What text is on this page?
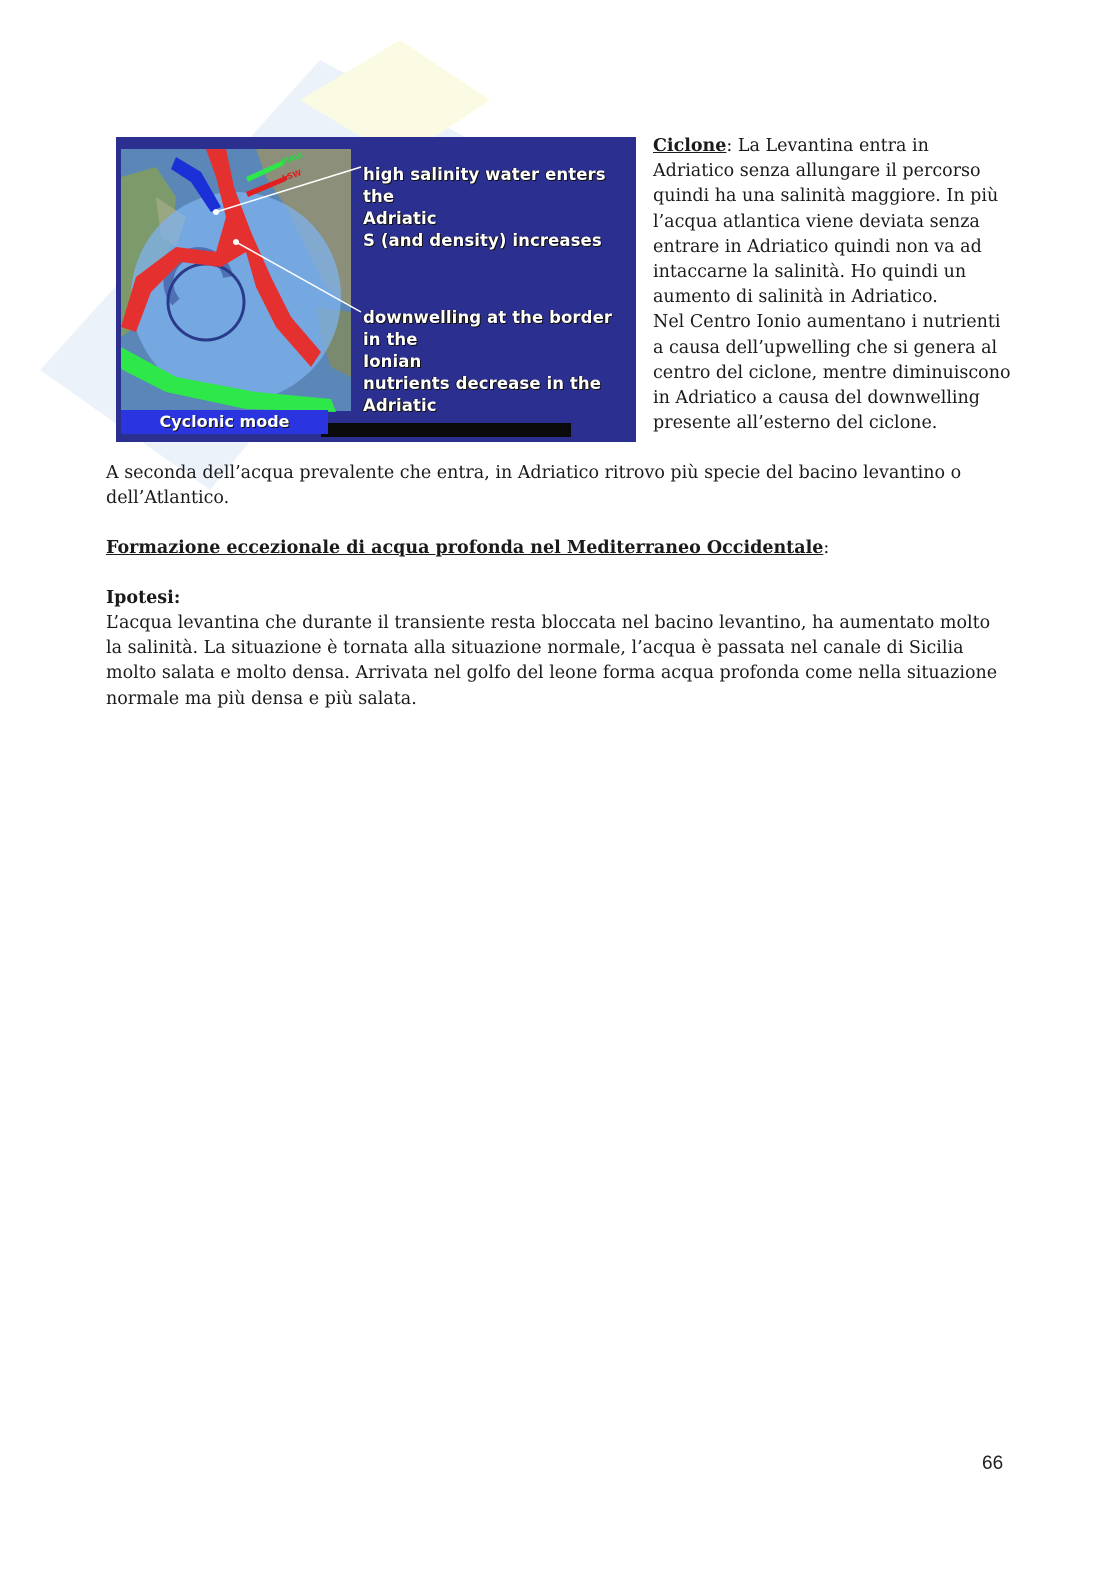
MAW
LSW	high salinity water enters the
Adriatic
S (and density) increases
downwelling at the border in the
Ionian
nutrients decrease in the
Adriatic
Cyclonic mode
Ciclone: La Levantina entra in Adriatico senza allungare il percorso quindi ha una salinità maggiore. In più l’acqua atlantica viene deviata senza entrare in Adriatico quindi non va ad intaccarne la salinità. Ho quindi un aumento di salinità in Adriatico.
Nel Centro Ionio aumentano i nutrienti a causa dell’upwelling che si genera al centro del ciclone, mentre diminuiscono in Adriatico a causa del downwelling presente all’esterno del ciclone.
A seconda dell’acqua prevalente che entra, in Adriatico ritrovo più specie del bacino levantino o dell’Atlantico.
Formazione eccezionale di acqua profonda nel Mediterraneo Occidentale:
Ipotesi:
L’acqua levantina che durante il transiente resta bloccata nel bacino levantino, ha aumentato molto la salinità. La situazione è tornata alla situazione normale, l’acqua è passata nel canale di Sicilia molto salata e molto densa. Arrivata nel golfo del leone forma acqua profonda come nella situazione normale ma più densa e più salata.
66
